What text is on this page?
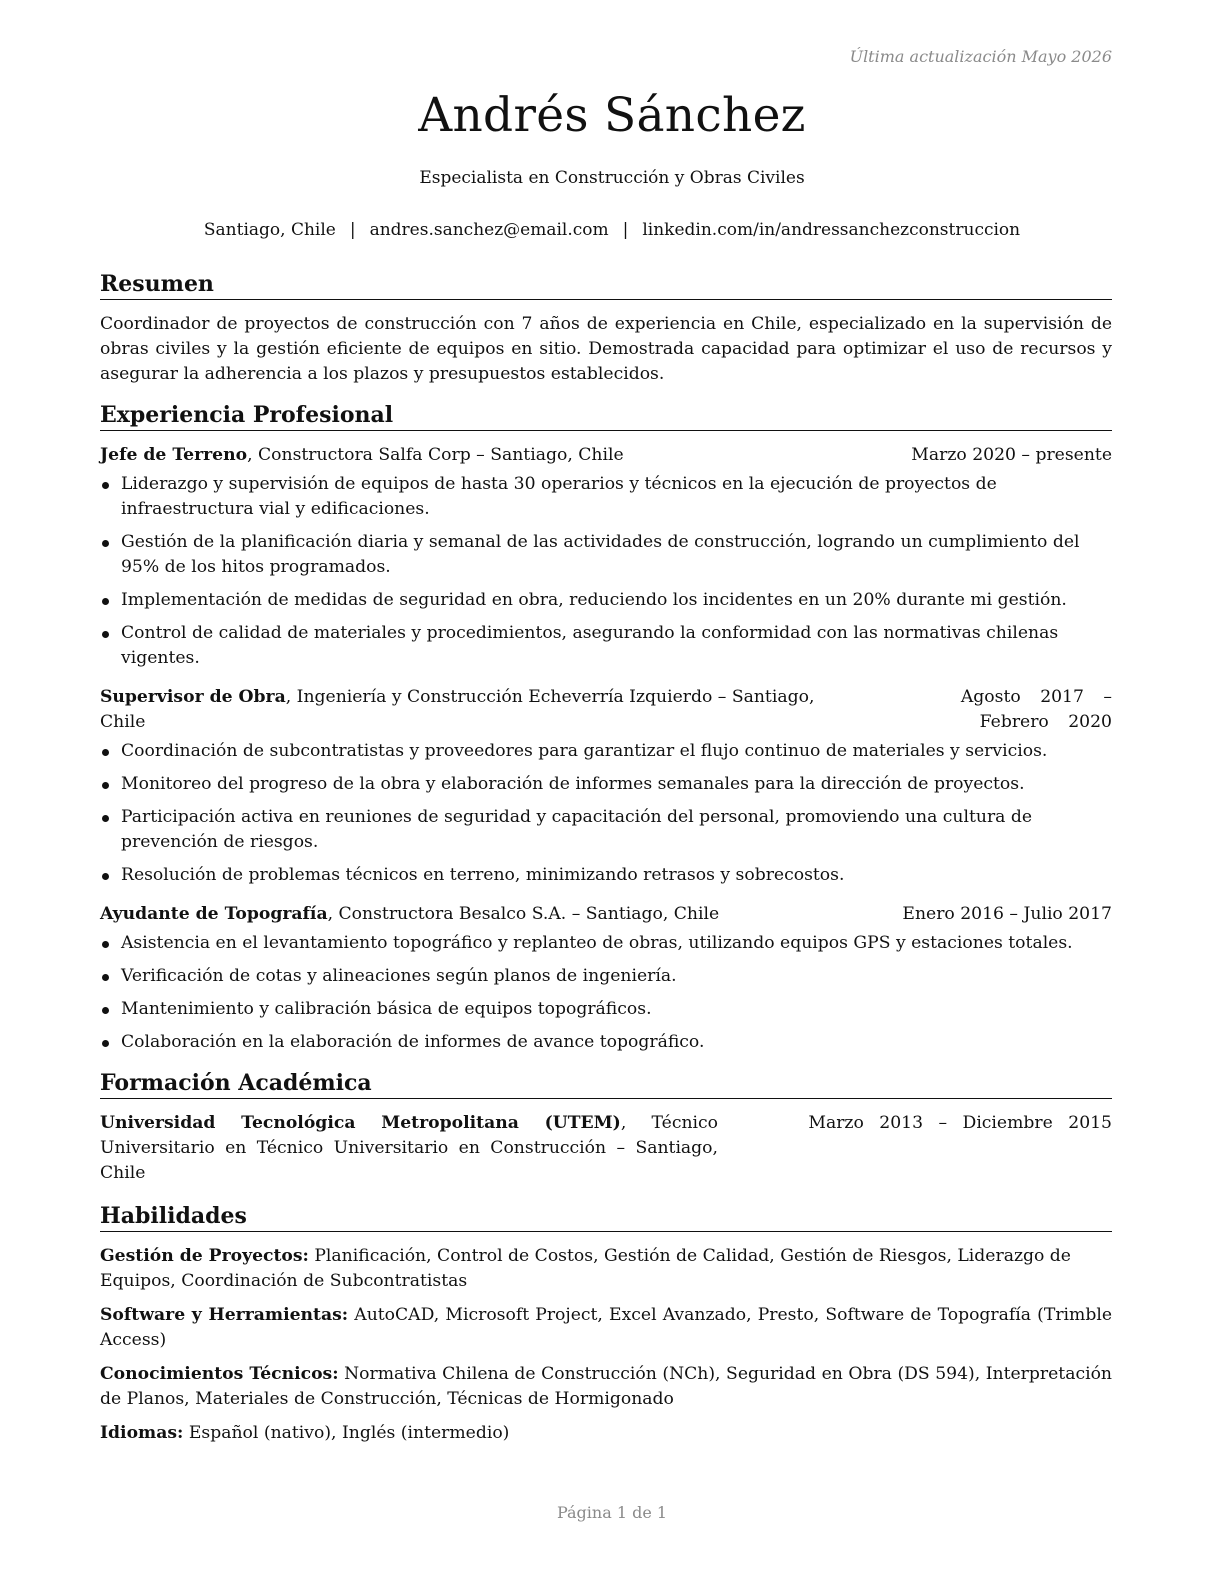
Última actualización Mayo 2026
Andrés Sánchez
Especialista en Construcción y Obras Civiles
Santiago, Chile | andres.sanchez@email.com | linkedin.com/in/andressanchezconstruccion
Resumen

Coordinador de proyectos de construcción con 7 años de experiencia en Chile, especializado en la supervisión de obras civiles y la gestión eficiente de equipos en sitio. Demostrada capacidad para optimizar el uso de recursos y asegurar la adherencia a los plazos y presupuestos establecidos.

Experiencia Profesional
Jefe de Terreno, Constructora Salfa Corp – Santiago, Chile	Marzo 2020 – presente
Liderazgo y supervisión de equipos de hasta 30 operarios y técnicos en la ejecución de proyectos de infraestructura vial y edificaciones.
Gestión de la planificación diaria y semanal de las actividades de construcción, logrando un cumplimiento del 95% de los hitos programados.
Implementación de medidas de seguridad en obra, reduciendo los incidentes en un 20% durante mi gestión.
Control de calidad de materiales y procedimientos, asegurando la conformidad con las normativas chilenas vigentes.
Supervisor de Obra, Ingeniería y Construcción Echeverría Izquierdo – Santiago, Chile
Agosto 2017 – Febrero 2020
Coordinación de subcontratistas y proveedores para garantizar el flujo continuo de materiales y servicios.
Monitoreo del progreso de la obra y elaboración de informes semanales para la dirección de proyectos.
Participación activa en reuniones de seguridad y capacitación del personal, promoviendo una cultura de prevención de riesgos.
Resolución de problemas técnicos en terreno, minimizando retrasos y sobrecostos.
Ayudante de Topografía, Constructora Besalco S.A. – Santiago, Chile	Enero 2016 – Julio 2017
Asistencia en el levantamiento topográfico y replanteo de obras, utilizando equipos GPS y estaciones totales.
Verificación de cotas y alineaciones según planos de ingeniería.
Mantenimiento y calibración básica de equipos topográficos.
Colaboración en la elaboración de informes de avance topográfico.
Formación Académica
Universidad Tecnológica Metropolitana (UTEM), Técnico Universitario en Técnico Universitario en Construcción – Santiago, Chile
Marzo 2013 – Diciembre 2015
Habilidades

Gestión de Proyectos: Planificación, Control de Costos, Gestión de Calidad, Gestión de Riesgos, Liderazgo de Equipos, Coordinación de Subcontratistas

Software y Herramientas: AutoCAD, Microsoft Project, Excel Avanzado, Presto, Software de Topografía (Trimble Access)

Conocimientos Técnicos: Normativa Chilena de Construcción (NCh), Seguridad en Obra (DS 594), Interpretación de Planos, Materiales de Construcción, Técnicas de Hormigonado

Idiomas: Español (nativo), Inglés (intermedio)

Página 1 de 1
